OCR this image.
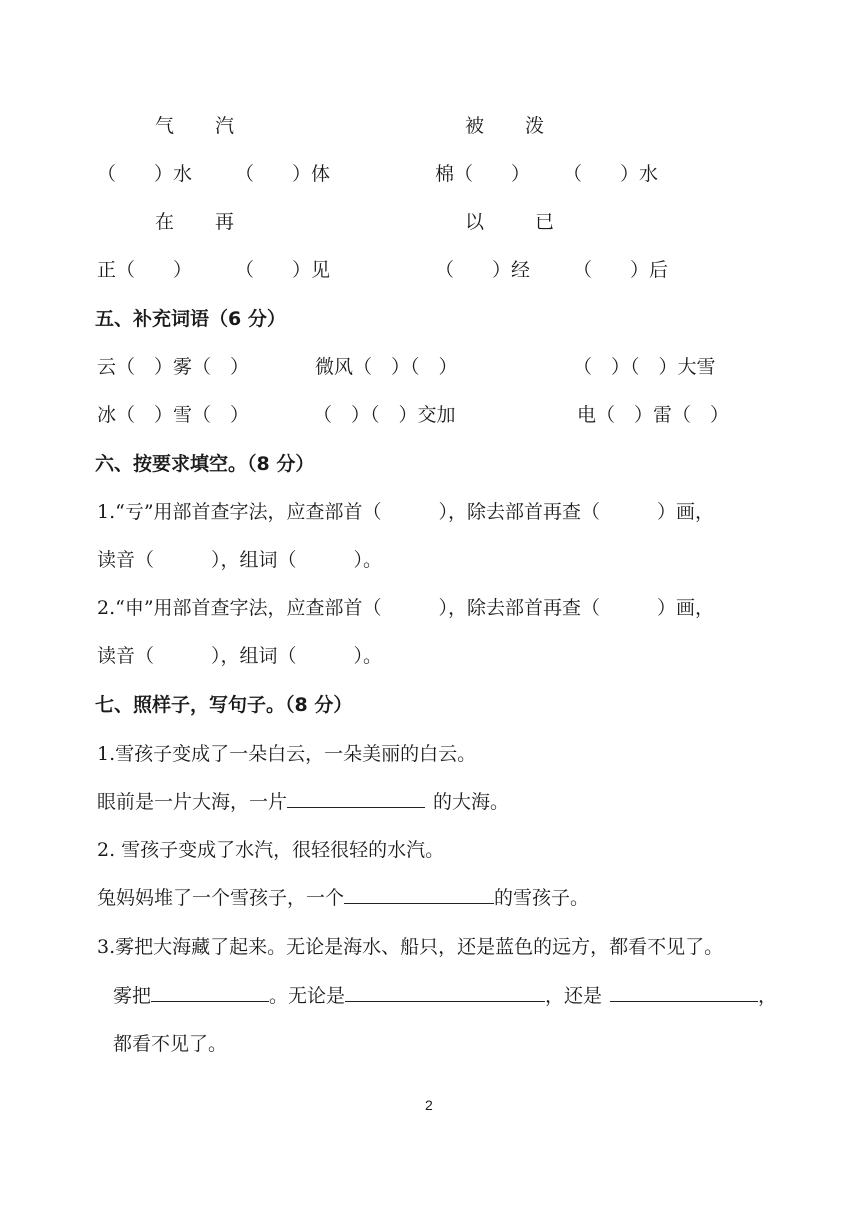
气 汽	被 泼
（　　）水 （　　）体	棉（　　） （　　）水
在 再	以	已
正（　　） （　　）见	（　　）经 （　　）后
五、补充词语（6 分）
云（　）雾（　）	微风（　）（　）	（　）（　）大雪
冰（　）雪（　）	（　）（　）交加	电（　）雷（　）
六、按要求填空。（8 分）
1.“亏”用部首查字法，应查部首（　　　），除去部首再查（　　　）画，
读音（　　　），组词（　　　）。
2.“申”用部首查字法，应查部首（　　　），除去部首再查（　　　）画，
读音（　　　），组词（　　　）。
七、照样子，写句子。（8 分）
1.雪孩子变成了一朵白云，一朵美丽的白云。
眼前是一片大海，一片	的大海。
2. 雪孩子变成了水汽，很轻很轻的水汽。
兔妈妈堆了一个雪孩子，一个	的雪孩子。
3.雾把大海藏了起来。无论是海水、船只，还是蓝色的远方，都看不见了。
雾把	。无论是	，还是	，
都看不见了。
2
